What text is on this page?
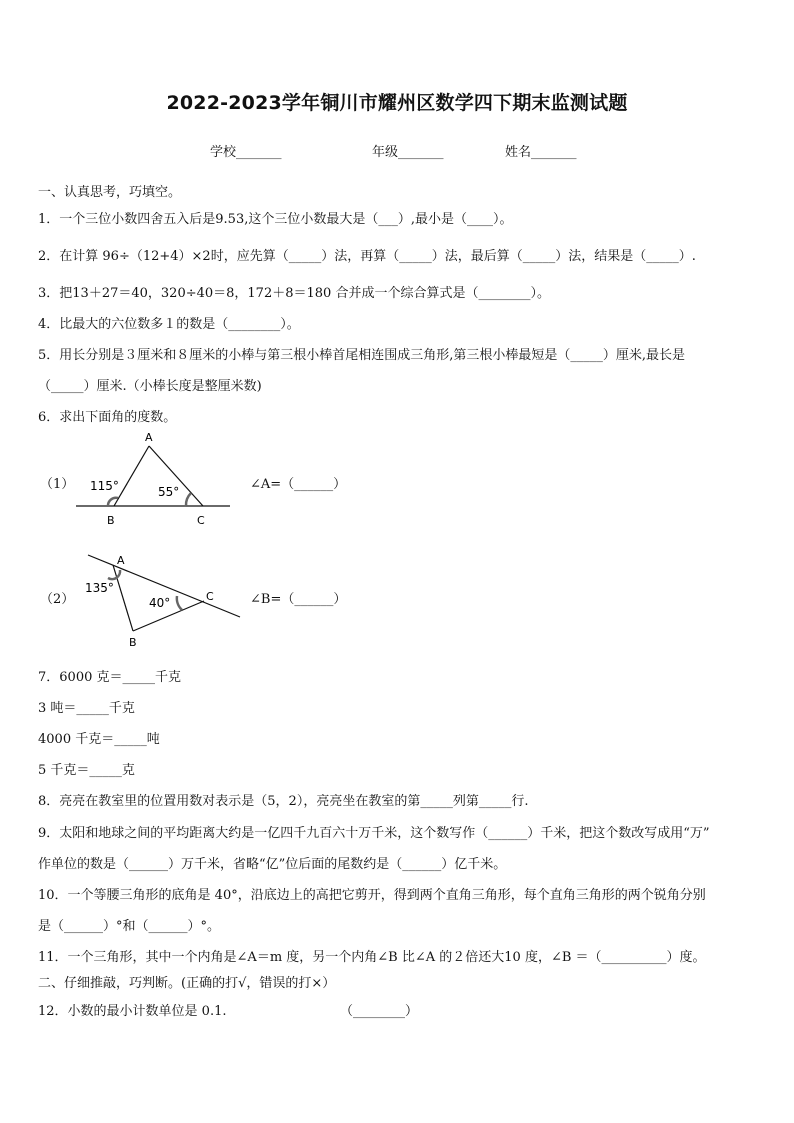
2022-2023学年铜川市耀州区数学四下期末监测试题
学校_______	年级_______	姓名_______
一、认真思考，巧填空。
1．一个三位小数四舍五入后是9.53,这个三位小数最大是（___）,最小是（____）。
2．在计算 96÷（12+4）×2时，应先算（_____）法，再算（_____）法，最后算（_____）法，结果是（_____）.
3．把13＋27＝40，320÷40＝8，172＋8＝180 合并成一个综合算式是（________）。
4．比最大的六位数多１的数是（________）。
5．用长分别是３厘米和８厘米的小棒与第三根小棒首尾相连围成三角形,第三根小棒最短是（_____）厘米,最长是
（_____）厘米.（小棒长度是整厘米数)
6．求出下面角的度数。
（1）
A
B	C
115°	55°	∠A=（______）
（2）
A
B
C
135°
40°	∠B=（______）
7．6000 克＝_____千克
3 吨＝_____千克
4000 千克＝_____吨
5 千克＝_____克
8．亮亮在教室里的位置用数对表示是（5，2），亮亮坐在教室的第_____列第_____行.
9．太阳和地球之间的平均距离大约是一亿四千九百六十万千米，这个数写作（______）千米，把这个数改写成用“万”
作单位的数是（______）万千米，省略“亿”位后面的尾数约是（______）亿千米。
10．一个等腰三角形的底角是 40°，沿底边上的高把它剪开，得到两个直角三角形，每个直角三角形的两个锐角分别
是（______）°和（______）°。
11．一个三角形，其中一个内角是∠A＝m 度，另一个内角∠B 比∠A 的２倍还大10 度，∠B ＝（__________）度。
二、仔细推敲，巧判断。(正确的打√，错误的打×）
12．小数的最小计数单位是 0.1.	（________）
